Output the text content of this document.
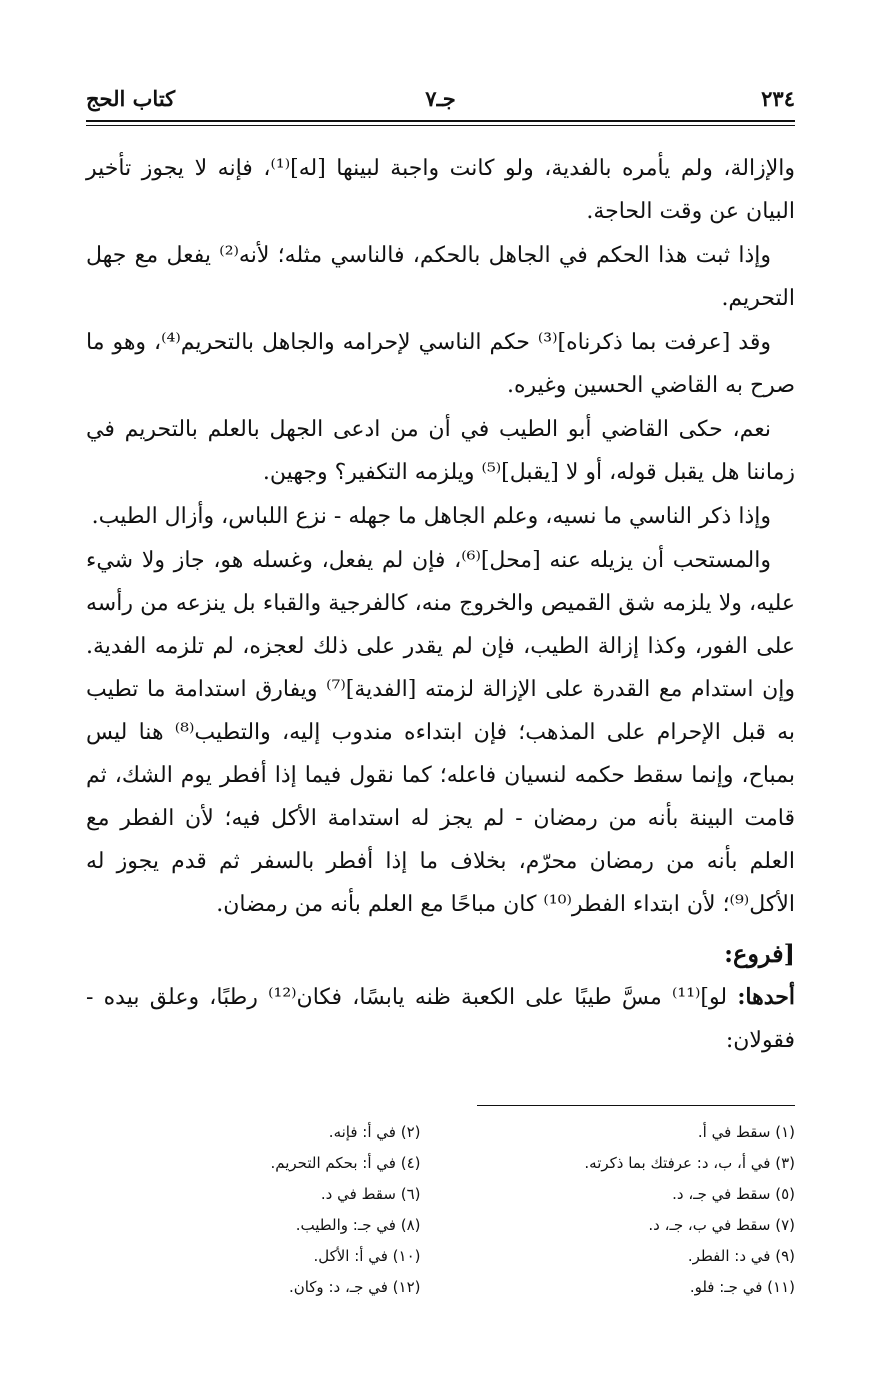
كتاب الحج	جـ٧	٢٣٤

والإزالة، ولم يأمره بالفدية، ولو كانت واجبة لبينها [له]⁽¹⁾، فإنه لا يجوز تأخير البيان عن وقت الحاجة.

وإذا ثبت هذا الحكم في الجاهل بالحكم، فالناسي مثله؛ لأنه⁽²⁾ يفعل مع جهل التحريم.

وقد [عرفت بما ذكرناه]⁽³⁾ حكم الناسي لإحرامه والجاهل بالتحريم⁽⁴⁾، وهو ما صرح به القاضي الحسين وغيره.

نعم، حكى القاضي أبو الطيب في أن من ادعى الجهل بالعلم بالتحريم في زماننا هل يقبل قوله، أو لا [يقبل]⁽⁵⁾ ويلزمه التكفير؟ وجهين.

وإذا ذكر الناسي ما نسيه، وعلم الجاهل ما جهله - نزع اللباس، وأزال الطيب.

والمستحب أن يزيله عنه [محل]⁽⁶⁾، فإن لم يفعل، وغسله هو، جاز ولا شيء عليه، ولا يلزمه شق القميص والخروج منه، كالفرجية والقباء بل ينزعه من رأسه على الفور، وكذا إزالة الطيب، فإن لم يقدر على ذلك لعجزه، لم تلزمه الفدية. وإن استدام مع القدرة على الإزالة لزمته [الفدية]⁽⁷⁾ ويفارق استدامة ما تطيب به قبل الإحرام على المذهب؛ فإن ابتداءه مندوب إليه، والتطيب⁽⁸⁾ هنا ليس بمباح، وإنما سقط حكمه لنسيان فاعله؛ كما نقول فيما إذا أفطر يوم الشك، ثم قامت البينة بأنه من رمضان - لم يجز له استدامة الأكل فيه؛ لأن الفطر مع العلم بأنه من رمضان محرّم، بخلاف ما إذا أفطر بالسفر ثم قدم يجوز له الأكل⁽⁹⁾؛ لأن ابتداء الفطر⁽¹⁰⁾ كان مباحًا مع العلم بأنه من رمضان.

[فروع:

أحدها: لو]⁽¹¹⁾ مسَّ طيبًا على الكعبة ظنه يابسًا، فكان⁽¹²⁾ رطبًا، وعلق بيده - فقولان:

(١) سقط في أ.
(٢) في أ: فإنه.
(٣) في أ، ب، د: عرفتك بما ذكرته.
(٤) في أ: بحكم التحريم.
(٥) سقط في جـ، د.
(٦) سقط في د.
(٧) سقط في ب، جـ، د.
(٨) في جـ: والطيب.
(٩) في د: الفطر.
(١٠) في أ: الأكل.
(١١) في جـ: فلو.
(١٢) في جـ، د: وكان.
